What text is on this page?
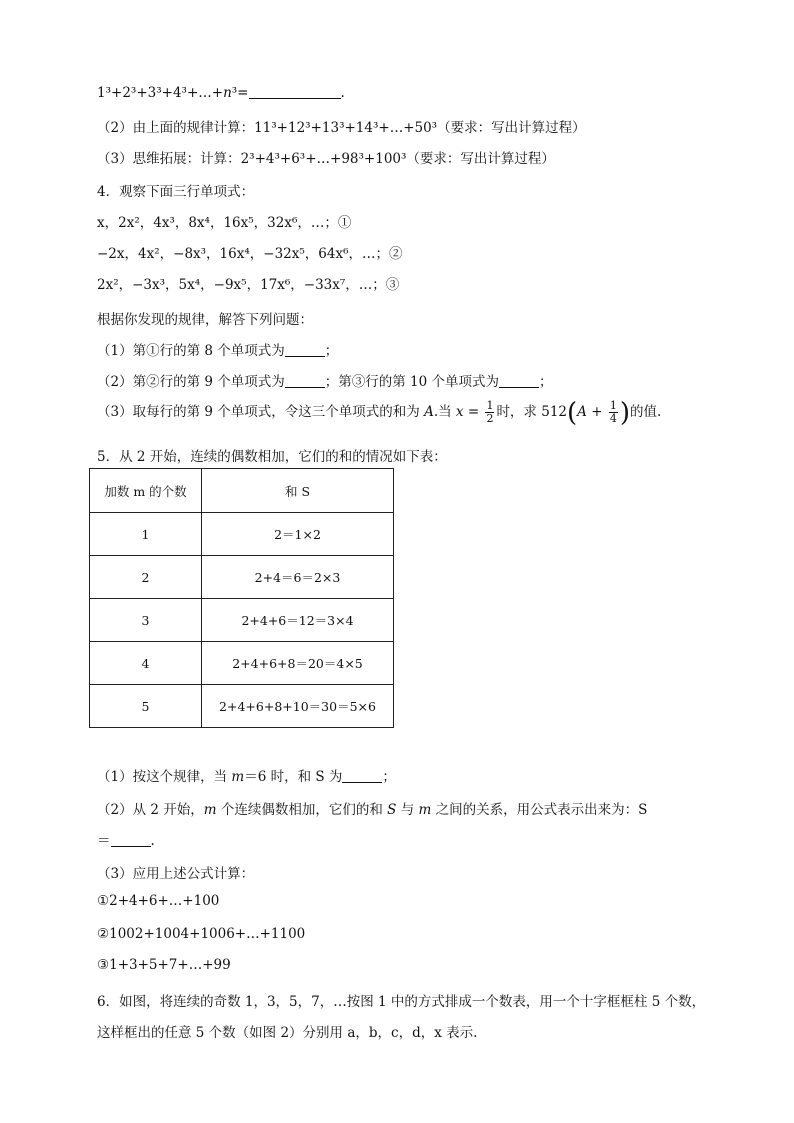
1³+2³+3³+4³+…+n³=	.
（2）由上面的规律计算：11³+12³+13³+14³+…+50³（要求：写出计算过程）
（3）思维拓展：计算：2³+4³+6³+…+98³+100³（要求：写出计算过程）
4．观察下面三行单项式：
x，2x²，4x³，8x⁴，16x⁵，32x⁶，…；①
−2x，4x²，−8x³，16x⁴，−32x⁵，64x⁶，…；②
2x²，−3x³，5x⁴，−9x⁵，17x⁶，−33x⁷，…；③
根据你发现的规律，解答下列问题：
（1）第①行的第 8 个单项式为	；
（2）第②行的第 9 个单项式为	；第③行的第 10 个单项式为	；
（3）取每行的第 9 个单项式，令这三个单项式的和为 A.当 $x = \frac{1}{2}$ 时，求 $512(A + \frac{1}{4}$ )的值.
5．从 2 开始，连续的偶数相加，它们的和的情况如下表：
加数 m 的个数	和 S
1	2＝1×2
2	2+4＝6＝2×3
3	2+4+6＝12＝3×4
4	2+4+6+8＝20＝4×5
5	2+4+6+8+10＝30＝5×6
（1）按这个规律，当 m＝6 时，和 S 为	；
（2）从 2 开始，m 个连续偶数相加，它们的和 S 与 m 之间的关系，用公式表示出来为：S
＝	.
（3）应用上述公式计算：
①2+4+6+…+100
②1002+1004+1006+…+1100
③1+3+5+7+…+99
6．如图，将连续的奇数 1，3，5，7，…按图 1 中的方式排成一个数表，用一个十字框框柱 5 个数，
这样框出的任意 5 个数（如图 2）分别用 a，b，c，d，x 表示.
